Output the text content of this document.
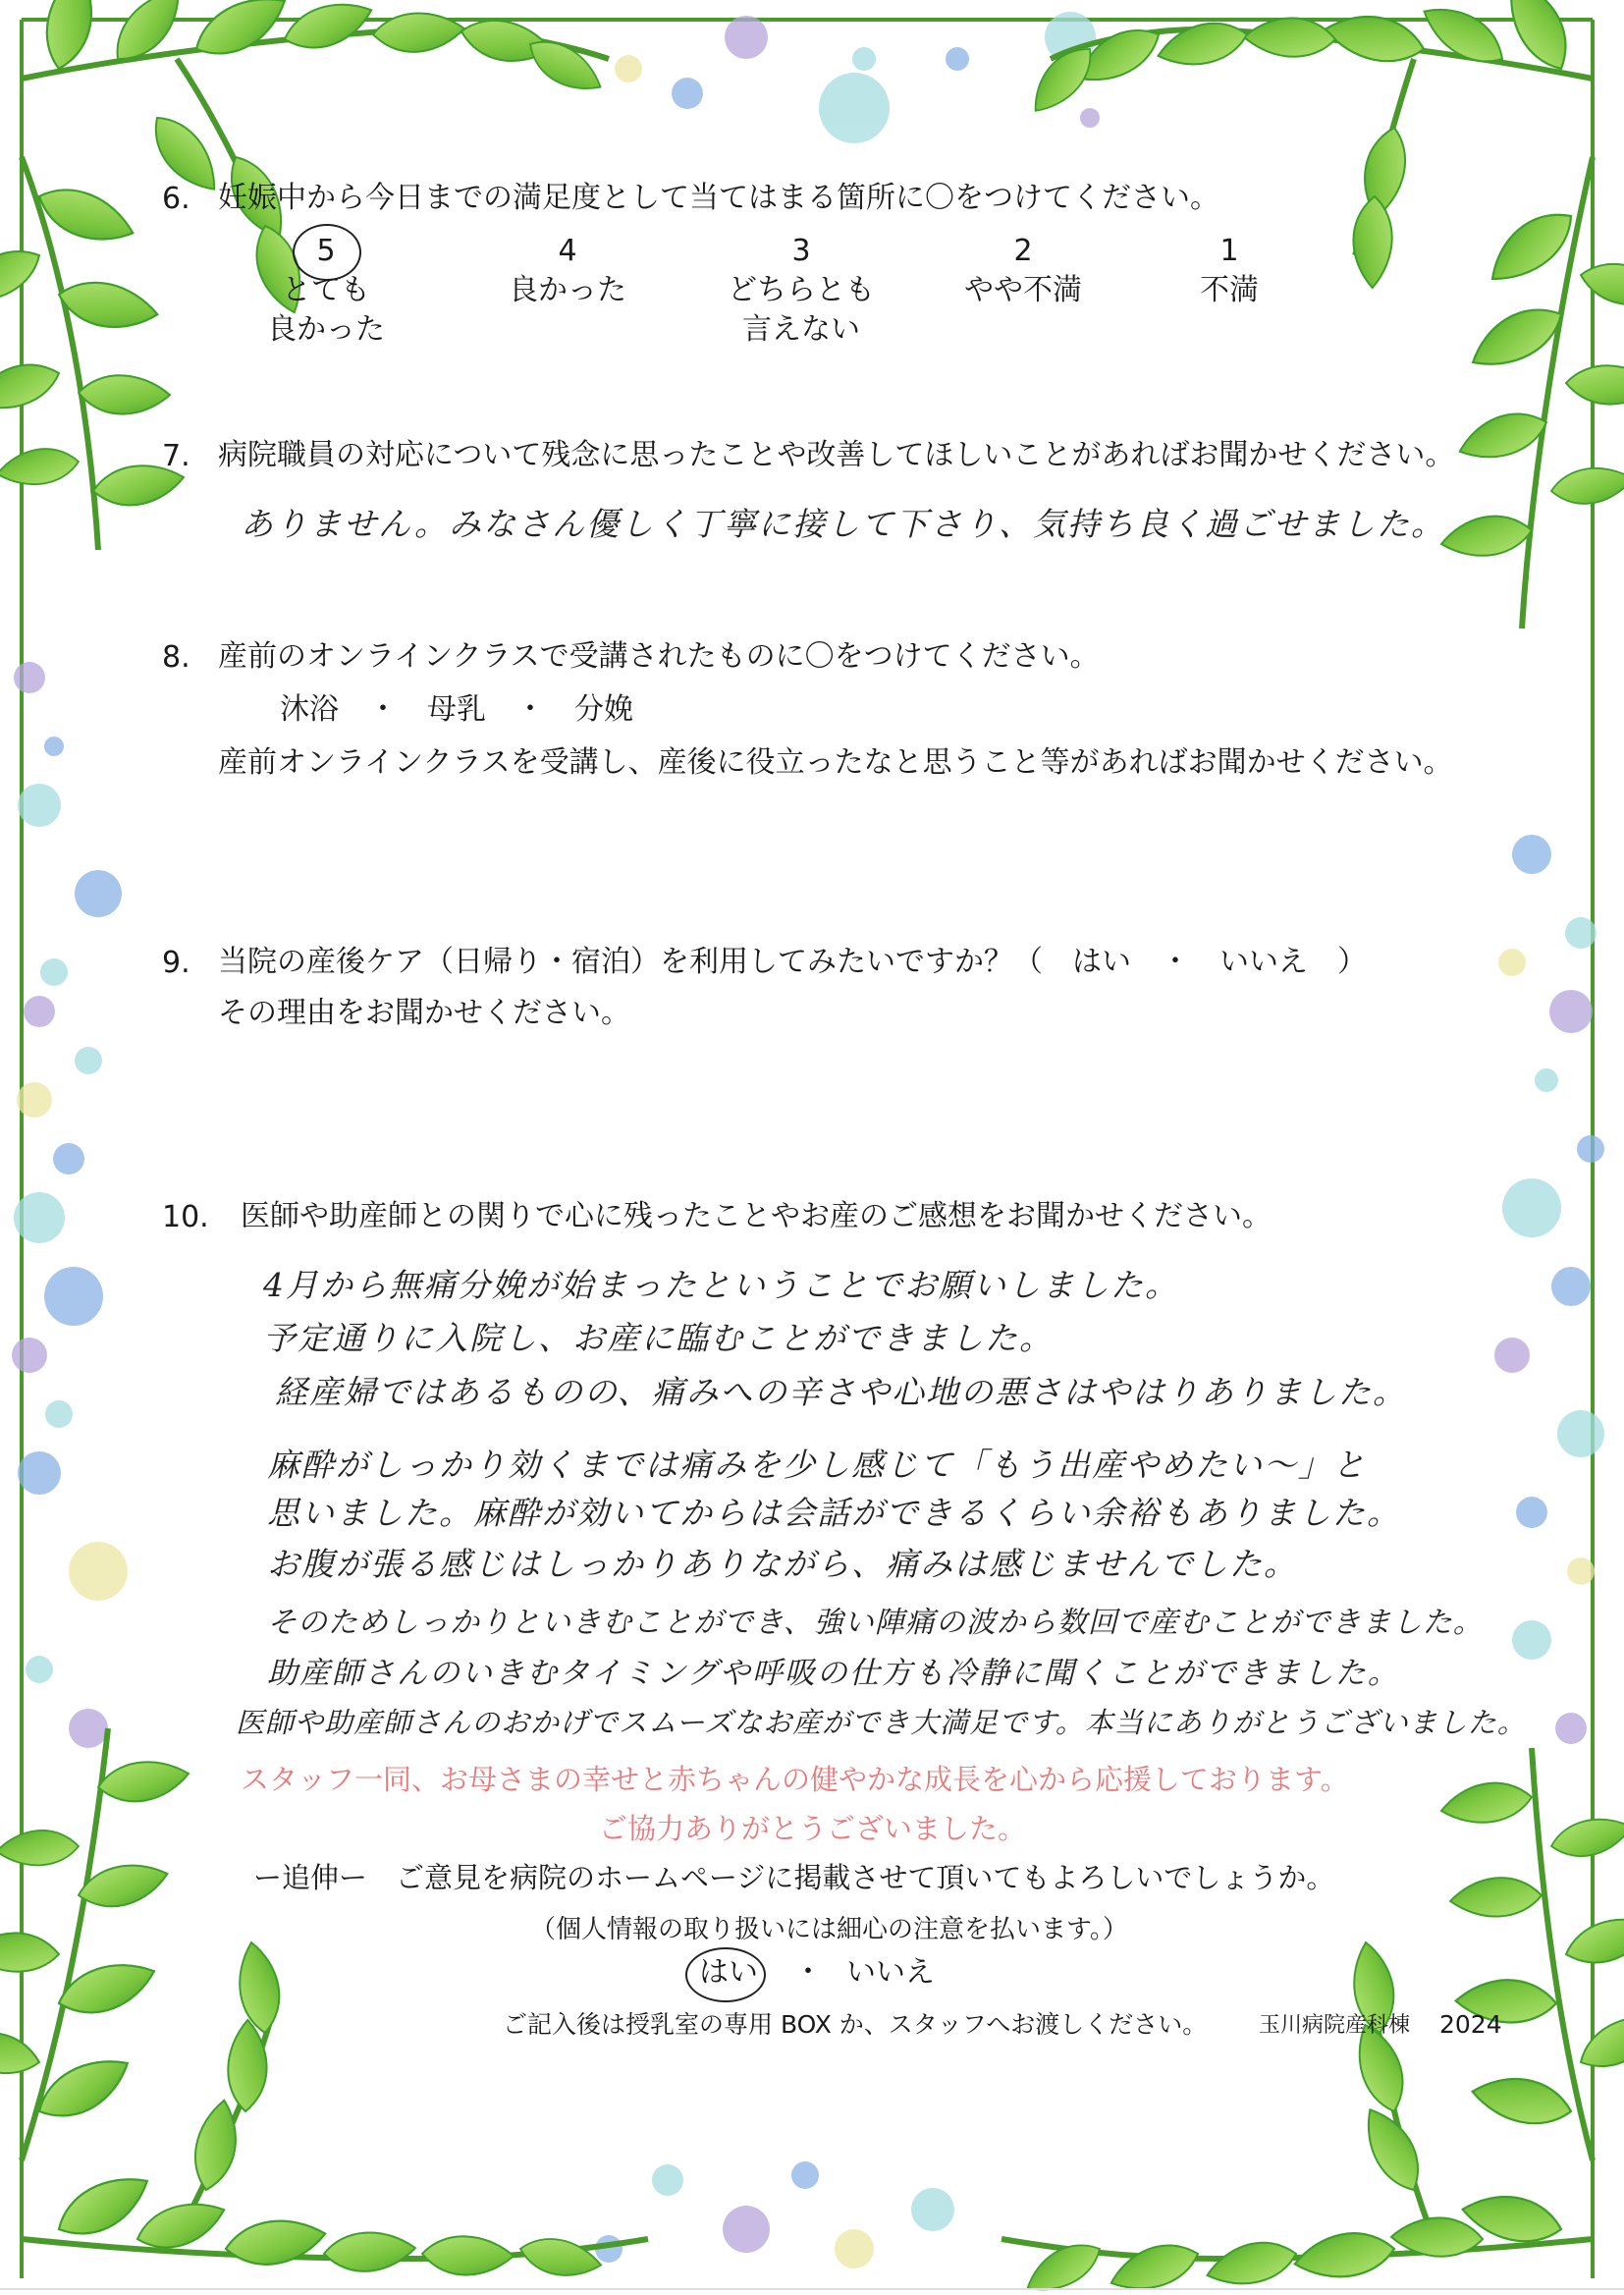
6. 妊娠中から今日までの満足度として当てはまる箇所に〇をつけてください。
5
とても
良かった
4
良かった
3
どちらとも
言えない
2
やや不満
1
不満
7. 病院職員の対応について残念に思ったことや改善してほしいことがあればお聞かせください。
ありません。みなさん優しく丁寧に接して下さり、気持ち良く過ごせました。
8. 産前のオンラインクラスで受講されたものに〇をつけてください。
沐浴　・　母乳　・　分娩
産前オンラインクラスを受講し、産後に役立ったなと思うこと等があればお聞かせください。
9. 当院の産後ケア（日帰り・宿泊）を利用してみたいですか？（　はい　・　いいえ　）
その理由をお聞かせください。
10. 医師や助産師との関りで心に残ったことやお産のご感想をお聞かせください。
4月から無痛分娩が始まったということでお願いしました。
予定通りに入院し、お産に臨むことができました。
経産婦ではあるものの、痛みへの辛さや心地の悪さはやはりありました。
麻酔がしっかり効くまでは痛みを少し感じて「もう出産やめたい～」と
思いました。麻酔が効いてからは会話ができるくらい余裕もありました。
お腹が張る感じはしっかりありながら、痛みは感じませんでした。
そのためしっかりといきむことができ、強い陣痛の波から数回で産むことができました。
助産師さんのいきむタイミングや呼吸の仕方も冷静に聞くことができました。
医師や助産師さんのおかげでスムーズなお産ができ大満足です。本当にありがとうございました。
スタッフ一同、お母さまの幸せと赤ちゃんの健やかな成長を心から応援しております。
ご協力ありがとうございました。
ー追伸ー　ご意見を病院のホームページに掲載させて頂いてもよろしいでしょうか。
（個人情報の取り扱いには細心の注意を払います。）
はい ・ いいえ
ご記入後は授乳室の専用 BOX か、スタッフへお渡しください。 玉川病院産科棟 2024
